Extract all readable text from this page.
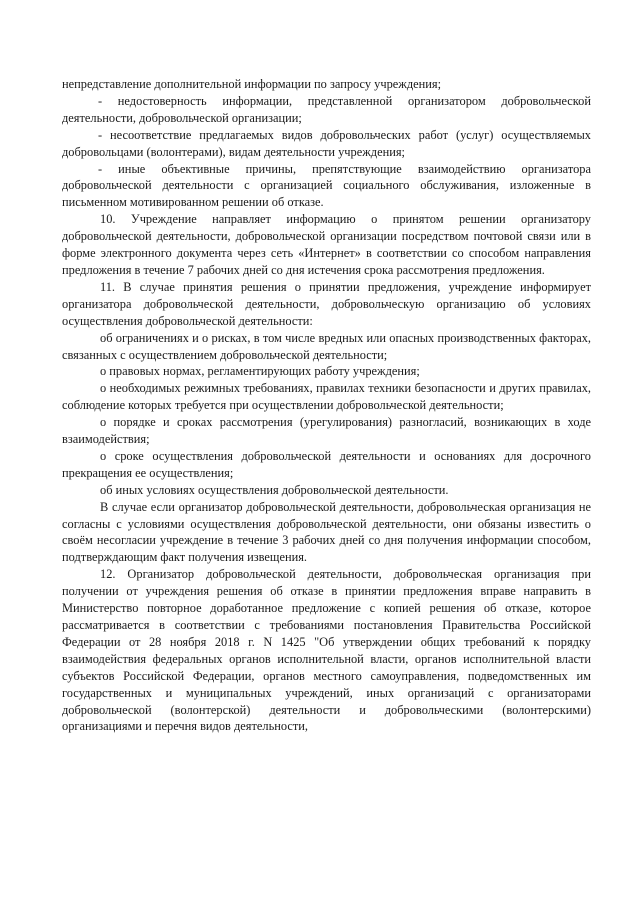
непредставление дополнительной информации по запросу учреждения;

- недостоверность информации, представленной организатором добровольческой деятельности, добровольческой организации;

- несоответствие предлагаемых видов добровольческих работ (услуг) осуществляемых добровольцами (волонтерами), видам деятельности учреждения;

- иные объективные причины, препятствующие взаимодействию организатора добровольческой деятельности с организацией социального обслуживания, изложенные в письменном мотивированном решении об отказе.

10. Учреждение направляет информацию о принятом решении организатору добровольческой деятельности, добровольческой организации посредством почтовой связи или в форме электронного документа через сеть «Интернет» в соответствии со способом направления предложения в течение 7 рабочих дней со дня истечения срока рассмотрения предложения.

11. В случае принятия решения о принятии предложения, учреждение информирует организатора добровольческой деятельности, добровольческую организацию об условиях осуществления добровольческой деятельности:

об ограничениях и о рисках, в том числе вредных или опасных производственных факторах, связанных с осуществлением добровольческой деятельности;

о правовых нормах, регламентирующих работу учреждения;

о необходимых режимных требованиях, правилах техники безопасности и других правилах, соблюдение которых требуется при осуществлении добровольческой деятельности;

о порядке и сроках рассмотрения (урегулирования) разногласий, возникающих в ходе взаимодействия;

о сроке осуществления добровольческой деятельности и основаниях для досрочного прекращения ее осуществления;

об иных условиях осуществления добровольческой деятельности.

В случае если организатор добровольческой деятельности, добровольческая организация не согласны с условиями осуществления добровольческой деятельности, они обязаны известить о своём несогласии учреждение в течение 3 рабочих дней со дня получения информации способом, подтверждающим факт получения извещения.

12. Организатор добровольческой деятельности, добровольческая организация при получении от учреждения решения об отказе в принятии предложения вправе направить в Министерство повторное доработанное предложение с копией решения об отказе, которое рассматривается в соответствии с требованиями постановления Правительства Российской Федерации от 28 ноября 2018 г. N 1425 "Об утверждении общих требований к порядку взаимодействия федеральных органов исполнительной власти, органов исполнительной власти субъектов Российской Федерации, органов местного самоуправления, подведомственных им государственных и муниципальных учреждений, иных организаций с организаторами добровольческой (волонтерской) деятельности и добровольческими (волонтерскими) организациями и перечня видов деятельности,
